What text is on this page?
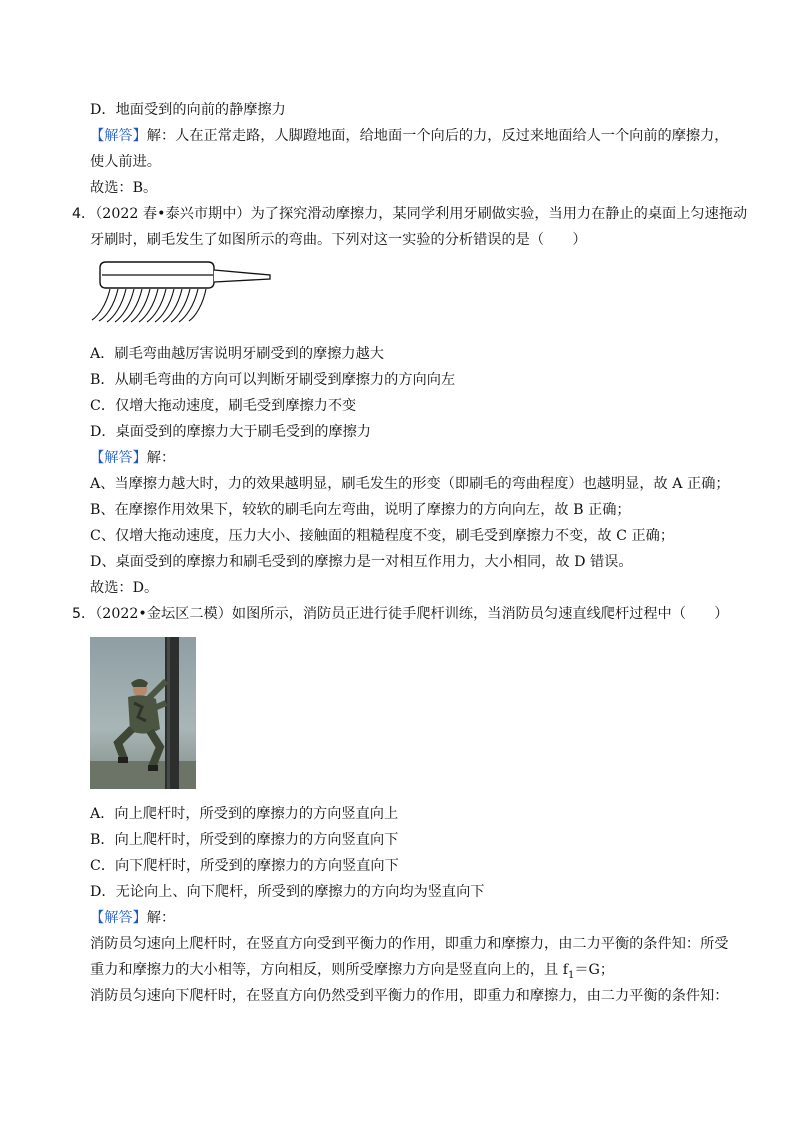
D．地面受到的向前的静摩擦力
【解答】解：人在正常走路，人脚蹬地面，给地面一个向后的力，反过来地面给人一个向前的摩擦力，
使人前进。
故选：B。
4．（2022 春•泰兴市期中）为了探究滑动摩擦力，某同学利用牙刷做实验，当用力在静止的桌面上匀速拖动
牙刷时，刷毛发生了如图所示的弯曲。下列对这一实验的分析错误的是（　　）
A．刷毛弯曲越厉害说明牙刷受到的摩擦力越大
B．从刷毛弯曲的方向可以判断牙刷受到摩擦力的方向向左
C．仅增大拖动速度，刷毛受到摩擦力不变
D．桌面受到的摩擦力大于刷毛受到的摩擦力
【解答】解：
A、当摩擦力越大时，力的效果越明显，刷毛发生的形变（即刷毛的弯曲程度）也越明显，故 A 正确；
B、在摩擦作用效果下，较软的刷毛向左弯曲，说明了摩擦力的方向向左，故 B 正确；
C、仅增大拖动速度，压力大小、接触面的粗糙程度不变，刷毛受到摩擦力不变，故 C 正确；
D、桌面受到的摩擦力和刷毛受到的摩擦力是一对相互作用力，大小相同，故 D 错误。
故选：D。
5．（2022•金坛区二模）如图所示，消防员正进行徒手爬杆训练，当消防员匀速直线爬杆过程中（　　）
A．向上爬杆时，所受到的摩擦力的方向竖直向上
B．向上爬杆时，所受到的摩擦力的方向竖直向下
C．向下爬杆时，所受到的摩擦力的方向竖直向下
D．无论向上、向下爬杆，所受到的摩擦力的方向均为竖直向下
【解答】解：
消防员匀速向上爬杆时，在竖直方向受到平衡力的作用，即重力和摩擦力，由二力平衡的条件知：所受
重力和摩擦力的大小相等，方向相反，则所受摩擦力方向是竖直向上的，且 $f_1=G$；
消防员匀速向下爬杆时，在竖直方向仍然受到平衡力的作用，即重力和摩擦力，由二力平衡的条件知：
